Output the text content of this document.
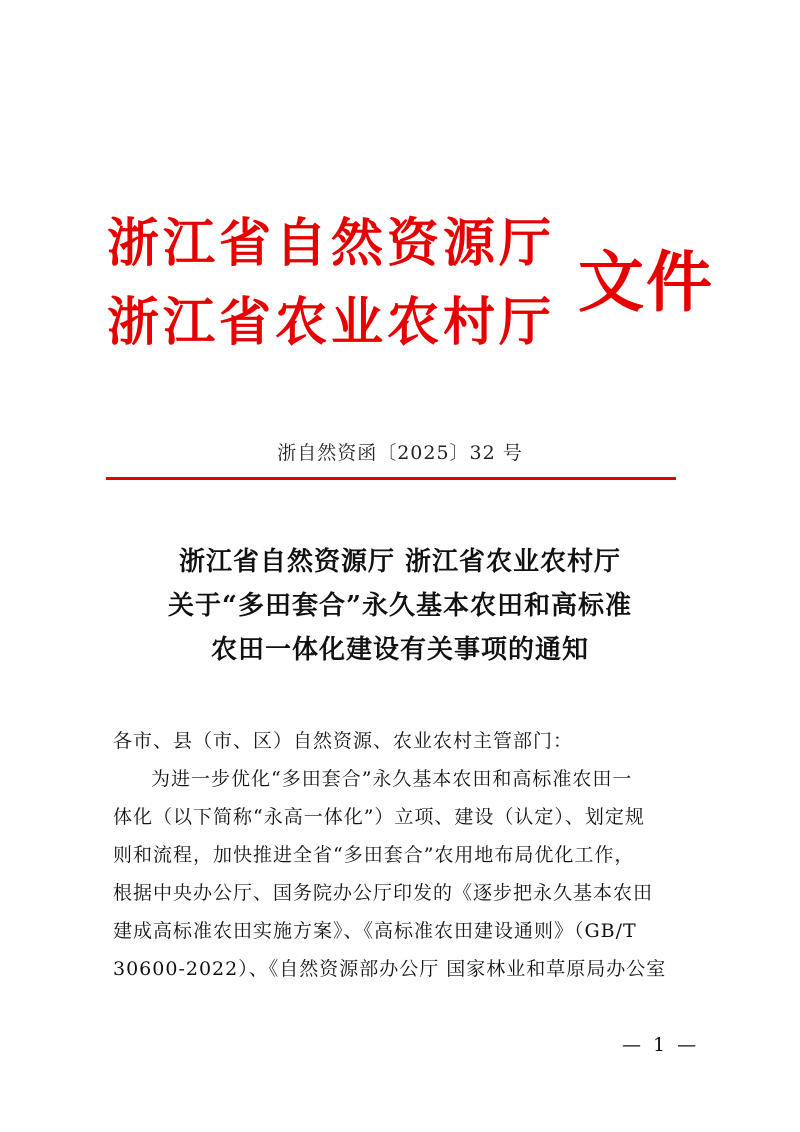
浙江省自然资源厅
浙江省农业农村厅
文件
浙自然资函〔2025〕32 号
浙江省自然资源厅 浙江省农业农村厅
关于“多田套合”永久基本农田和高标准
农田一体化建设有关事项的通知

各市、县（市、区）自然资源、农业农村主管部门：

为进一步优化“多田套合”永久基本农田和高标准农田一

体化（以下简称“永高一体化”）立项、建设（认定）、划定规

则和流程，加快推进全省“多田套合”农用地布局优化工作，

根据中央办公厅、国务院办公厅印发的《逐步把永久基本农田

建成高标准农田实施方案》、《高标准农田建设通则》（GB/T

30600-2022）、《自然资源部办公厅 国家林业和草原局办公室

— 1 —
